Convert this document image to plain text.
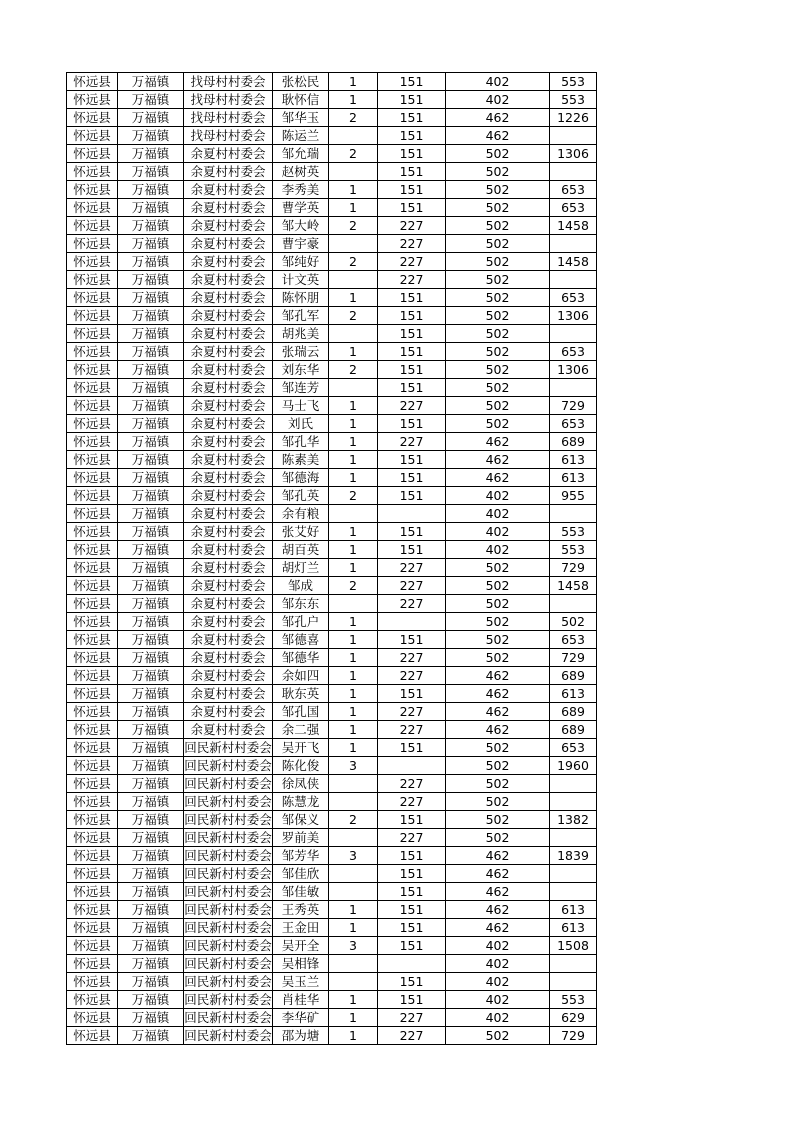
怀远县	万福镇	找母村村委会	张松民	1	151	402	553
怀远县	万福镇	找母村村委会	耿怀信	1	151	402	553
怀远县	万福镇	找母村村委会	邹华玉	2	151	462	1226
怀远县	万福镇	找母村村委会	陈运兰		151	462	
怀远县	万福镇	余夏村村委会	邹允瑞	2	151	502	1306
怀远县	万福镇	余夏村村委会	赵树英		151	502	
怀远县	万福镇	余夏村村委会	李秀美	1	151	502	653
怀远县	万福镇	余夏村村委会	曹学英	1	151	502	653
怀远县	万福镇	余夏村村委会	邹大岭	2	227	502	1458
怀远县	万福镇	余夏村村委会	曹宇豪		227	502	
怀远县	万福镇	余夏村村委会	邹纯好	2	227	502	1458
怀远县	万福镇	余夏村村委会	计文英		227	502	
怀远县	万福镇	余夏村村委会	陈怀朋	1	151	502	653
怀远县	万福镇	余夏村村委会	邹孔军	2	151	502	1306
怀远县	万福镇	余夏村村委会	胡兆美		151	502	
怀远县	万福镇	余夏村村委会	张瑞云	1	151	502	653
怀远县	万福镇	余夏村村委会	刘东华	2	151	502	1306
怀远县	万福镇	余夏村村委会	邹连芳		151	502	
怀远县	万福镇	余夏村村委会	马士飞	1	227	502	729
怀远县	万福镇	余夏村村委会	刘氏	1	151	502	653
怀远县	万福镇	余夏村村委会	邹孔华	1	227	462	689
怀远县	万福镇	余夏村村委会	陈素美	1	151	462	613
怀远县	万福镇	余夏村村委会	邹德海	1	151	462	613
怀远县	万福镇	余夏村村委会	邹孔英	2	151	402	955
怀远县	万福镇	余夏村村委会	余有粮			402	
怀远县	万福镇	余夏村村委会	张艾好	1	151	402	553
怀远县	万福镇	余夏村村委会	胡百英	1	151	402	553
怀远县	万福镇	余夏村村委会	胡灯兰	1	227	502	729
怀远县	万福镇	余夏村村委会	邹成	2	227	502	1458
怀远县	万福镇	余夏村村委会	邹东东		227	502	
怀远县	万福镇	余夏村村委会	邹孔户	1		502	502
怀远县	万福镇	余夏村村委会	邹德喜	1	151	502	653
怀远县	万福镇	余夏村村委会	邹德华	1	227	502	729
怀远县	万福镇	余夏村村委会	余如四	1	227	462	689
怀远县	万福镇	余夏村村委会	耿东英	1	151	462	613
怀远县	万福镇	余夏村村委会	邹孔国	1	227	462	689
怀远县	万福镇	余夏村村委会	余二强	1	227	462	689
怀远县	万福镇	回民新村村委会	吴开飞	1	151	502	653
怀远县	万福镇	回民新村村委会	陈化俊	3		502	1960
怀远县	万福镇	回民新村村委会	徐凤侠		227	502	
怀远县	万福镇	回民新村村委会	陈慧龙		227	502	
怀远县	万福镇	回民新村村委会	邹保义	2	151	502	1382
怀远县	万福镇	回民新村村委会	罗前美		227	502	
怀远县	万福镇	回民新村村委会	邹芳华	3	151	462	1839
怀远县	万福镇	回民新村村委会	邹佳欣		151	462	
怀远县	万福镇	回民新村村委会	邹佳敏		151	462	
怀远县	万福镇	回民新村村委会	王秀英	1	151	462	613
怀远县	万福镇	回民新村村委会	王金田	1	151	462	613
怀远县	万福镇	回民新村村委会	吴开全	3	151	402	1508
怀远县	万福镇	回民新村村委会	吴相锋			402	
怀远县	万福镇	回民新村村委会	吴玉兰		151	402	
怀远县	万福镇	回民新村村委会	肖桂华	1	151	402	553
怀远县	万福镇	回民新村村委会	李华矿	1	227	402	629
怀远县	万福镇	回民新村村委会	邵为塘	1	227	502	729
